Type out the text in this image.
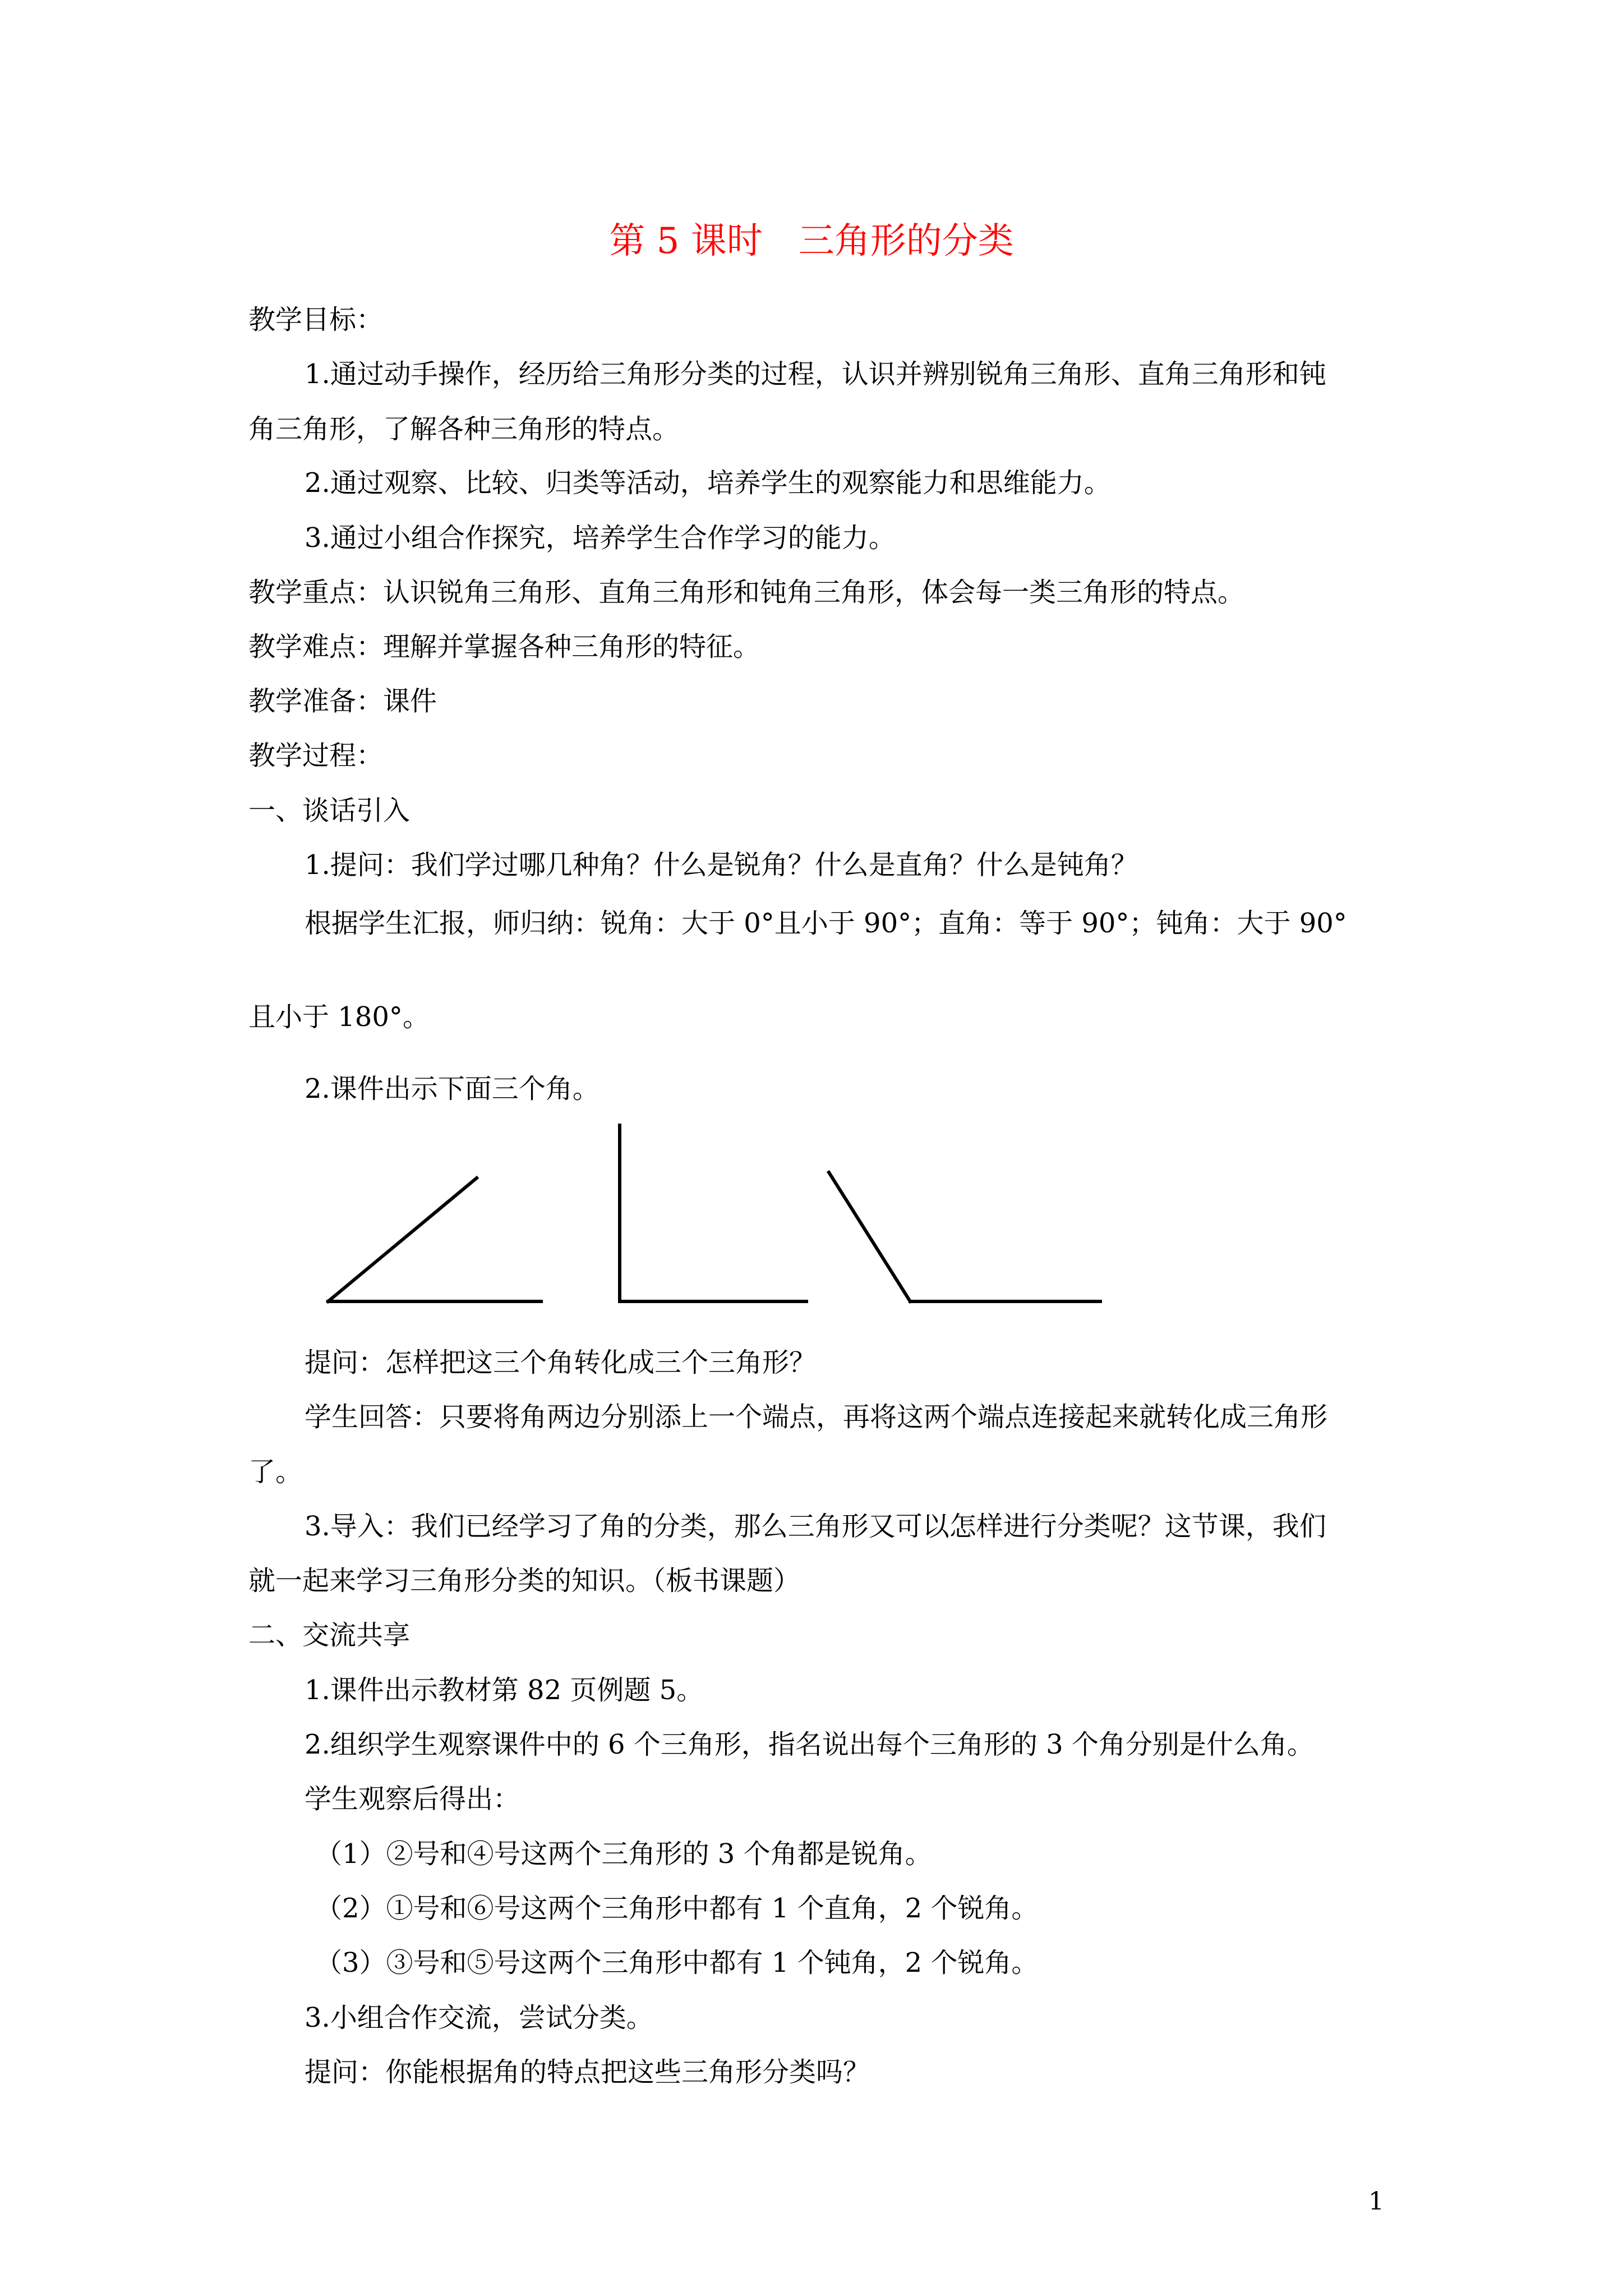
第 5 课时　三角形的分类
教学目标：
1.通过动手操作，经历给三角形分类的过程，认识并辨别锐角三角形、直角三角形和钝
角三角形，了解各种三角形的特点。
2.通过观察、比较、归类等活动，培养学生的观察能力和思维能力。
3.通过小组合作探究，培养学生合作学习的能力。
教学重点：认识锐角三角形、直角三角形和钝角三角形，体会每一类三角形的特点。
教学难点：理解并掌握各种三角形的特征。
教学准备：课件
教学过程：
一、谈话引入
1.提问：我们学过哪几种角？什么是锐角？什么是直角？什么是钝角？
根据学生汇报，师归纳：锐角：大于 0°且小于 90°；直角：等于 90°；钝角：大于 90°
且小于 180°。
2.课件出示下面三个角。
提问：怎样把这三个角转化成三个三角形？
学生回答：只要将角两边分别添上一个端点，再将这两个端点连接起来就转化成三角形
了。
3.导入：我们已经学习了角的分类，那么三角形又可以怎样进行分类呢？这节课，我们
就一起来学习三角形分类的知识。（板书课题）
二、交流共享
1.课件出示教材第 82 页例题 5。
2.组织学生观察课件中的 6 个三角形，指名说出每个三角形的 3 个角分别是什么角。
学生观察后得出：
（1）②号和④号这两个三角形的 3 个角都是锐角。
（2）①号和⑥号这两个三角形中都有 1 个直角，2 个锐角。
（3）③号和⑤号这两个三角形中都有 1 个钝角，2 个锐角。
3.小组合作交流，尝试分类。
提问：你能根据角的特点把这些三角形分类吗？
1
